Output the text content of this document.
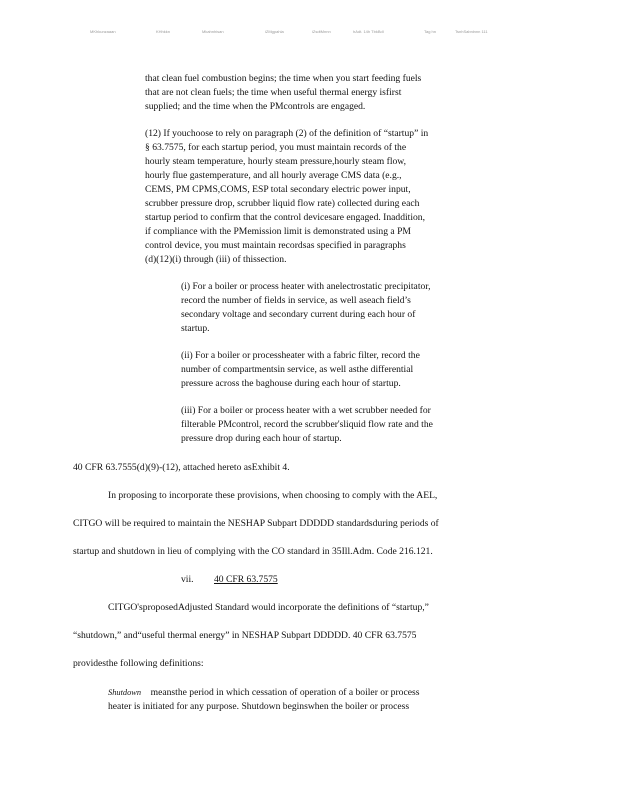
MKhkunzaaan	KHhkkn	Mkahnhisan	iZMgpahla	iZsdtMnnn	hAdt. 14h TbkBdl	Tag hn	TsnhSabnlnnn 111
that clean fuel combustion begins; the time when you start feeding fuels
that are not clean fuels; the time when useful thermal energy isfirst
supplied; and the time when the PMcontrols are engaged.
(12) If youchoose to rely on paragraph (2) of the definition of “startup” in
§ 63.7575, for each startup period, you must maintain records of the
hourly steam temperature, hourly steam pressure,hourly steam flow,
hourly flue gastemperature, and all hourly average CMS data (e.g.,
CEMS, PM CPMS,COMS, ESP total secondary electric power input,
scrubber pressure drop, scrubber liquid flow rate) collected during each
startup period to confirm that the control devicesare engaged. Inaddition,
if compliance with the PMemission limit is demonstrated using a PM
control device, you must maintain recordsas specified in paragraphs
(d)(12)(i) through (iii) of thissection.
(i) For a boiler or process heater with anelectrostatic precipitator,
record the number of fields in service, as well aseach field’s
secondary voltage and secondary current during each hour of
startup.
(ii) For a boiler or processheater with a fabric filter, record the
number of compartmentsin service, as well asthe differential
pressure across the baghouse during each hour of startup.
(iii) For a boiler or process heater with a wet scrubber needed for
filterable PMcontrol, record the scrubber'sliquid flow rate and the
pressure drop during each hour of startup.
40 CFR 63.7555(d)(9)-(12), attached hereto asExhibit 4.
In proposing to incorporate these provisions, when choosing to comply with the AEL,
CITGO will be required to maintain the NESHAP Subpart DDDDD standardsduring periods of
startup and shutdown in lieu of complying with the CO standard in 35Ill.Adm. Code 216.121.
vii. 40 CFR 63.7575
CITGO'sproposedAdjusted Standard would incorporate the definitions of “startup,”
“shutdown,” and“useful thermal energy” in NESHAP Subpart DDDDD. 40 CFR 63.7575
providesthe following definitions:
Shutdown meansthe period in which cessation of operation of a boiler or process
heater is initiated for any purpose. Shutdown beginswhen the boiler or process
